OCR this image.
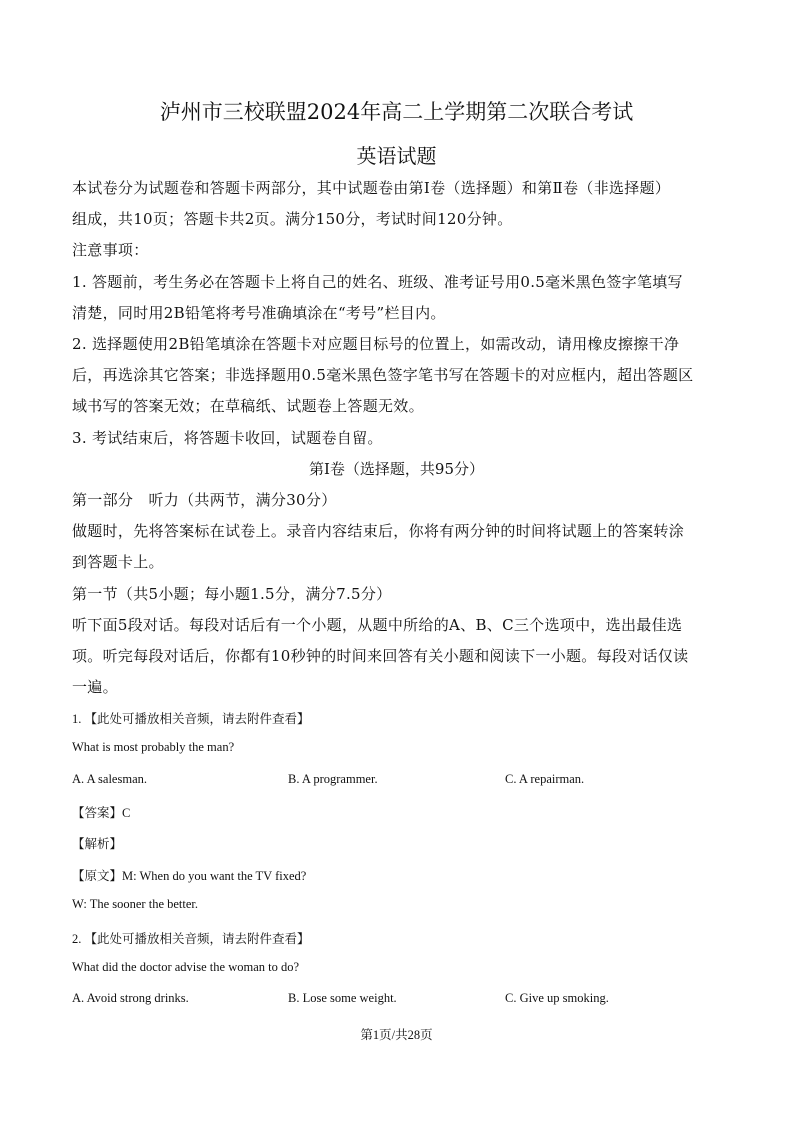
泸州市三校联盟2024年高二上学期第二次联合考试
英语试题
本试卷分为试题卷和答题卡两部分，其中试题卷由第Ⅰ卷（选择题）和第Ⅱ卷（非选择题）
组成，共10页；答题卡共2页。满分150分，考试时间120分钟。
注意事项：
1. 答题前，考生务必在答题卡上将自己的姓名、班级、准考证号用0.5毫米黑色签字笔填写
清楚，同时用2B铅笔将考号准确填涂在“考号”栏目内。
2. 选择题使用2B铅笔填涂在答题卡对应题目标号的位置上，如需改动，请用橡皮擦擦干净
后，再选涂其它答案；非选择题用0.5毫米黑色签字笔书写在答题卡的对应框内，超出答题区
域书写的答案无效；在草稿纸、试题卷上答题无效。
3. 考试结束后，将答题卡收回，试题卷自留。
第Ⅰ卷（选择题，共95分）
第一部分　听力（共两节，满分30分）
做题时，先将答案标在试卷上。录音内容结束后，你将有两分钟的时间将试题上的答案转涂
到答题卡上。
第一节（共5小题；每小题1.5分，满分7.5分）
听下面5段对话。每段对话后有一个小题，从题中所给的A、B、C三个选项中，选出最佳选
项。听完每段对话后，你都有10秒钟的时间来回答有关小题和阅读下一小题。每段对话仅读
一遍。
1. 【此处可播放相关音频，请去附件查看】
What is most probably the man?
A. A salesman.	B. A programmer.	C. A repairman.
【答案】C
【解析】
【原文】M: When do you want the TV fixed?
W: The sooner the better.
2. 【此处可播放相关音频，请去附件查看】
What did the doctor advise the woman to do?
A. Avoid strong drinks.	B. Lose some weight.	C. Give up smoking.
第1页/共28页
